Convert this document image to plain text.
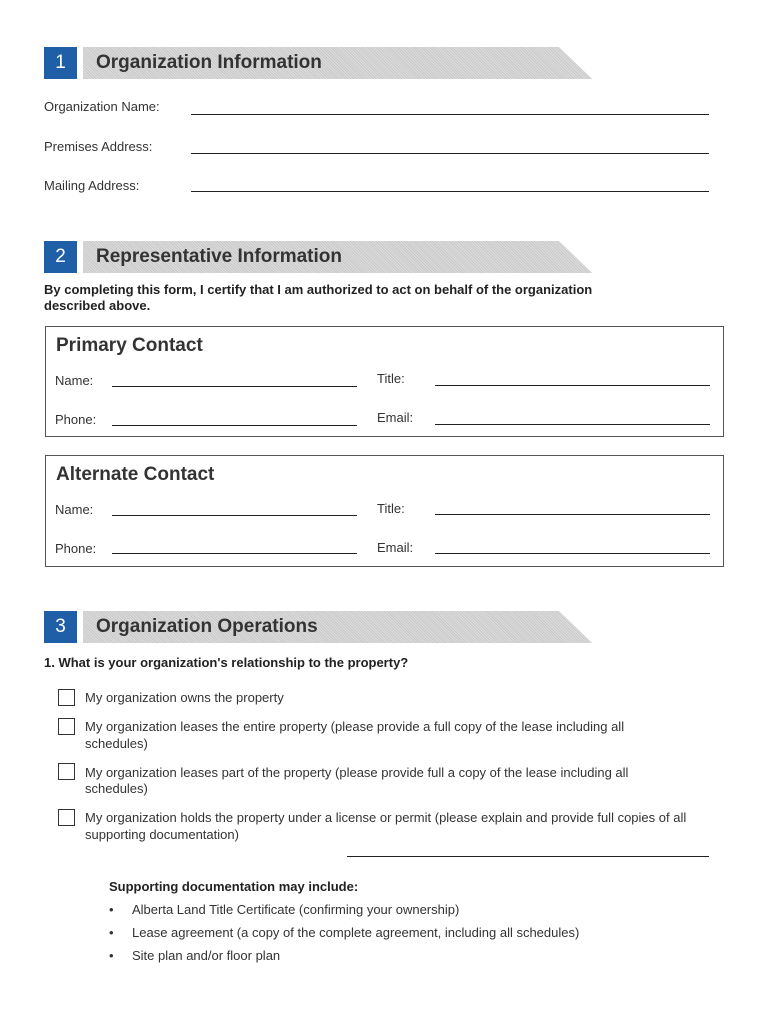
1	Organization Information
Organization Name:
Premises Address:
Mailing Address:
2	Representative Information
By completing this form, I certify that I am authorized to act on behalf of the organization
described above.
Primary Contact
Name:	Title:
Phone:	Email:
Alternate Contact
Name:	Title:
Phone:	Email:
3	Organization Operations
1. What is your organization's relationship to the property?
My organization owns the property
My organization leases the entire property (please provide a full copy of the lease including all
schedules)
My organization leases part of the property (please provide full a copy of the lease including all
schedules)
My organization holds the property under a license or permit (please explain and provide full copies of all
supporting documentation)
Supporting documentation may include:
• Alberta Land Title Certificate (confirming your ownership)
• Lease agreement (a copy of the complete agreement, including all schedules)
• Site plan and/or floor plan
